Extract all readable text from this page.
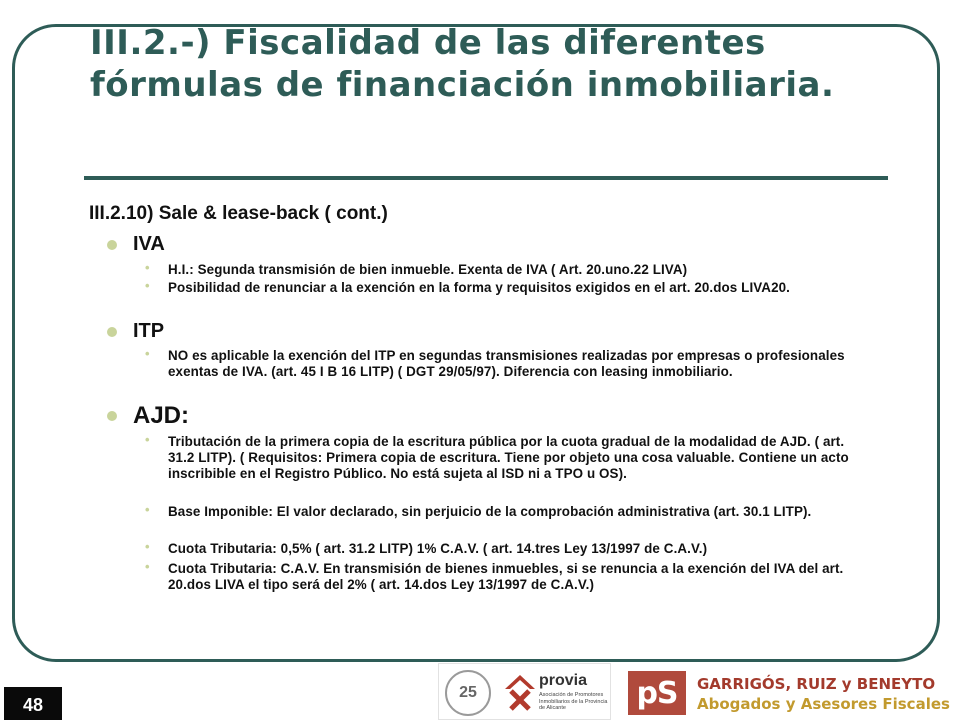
III.2.-) Fiscalidad de las diferentes
fórmulas de financiación inmobiliaria.
III.2.10) Sale & lease-back ( cont.)
IVA
•	H.I.: Segunda transmisión de bien inmueble. Exenta de IVA ( Art. 20.uno.22 LIVA)
•	Posibilidad de renunciar a la exención en la forma y requisitos exigidos en el art. 20.dos LIVA20.
ITP
•	NO es aplicable la exención del ITP en segundas transmisiones realizadas por empresas o profesionales exentas de IVA. (art. 45 I B 16 LITP) ( DGT 29/05/97). Diferencia con leasing inmobiliario.
AJD:
•	Tributación de la primera copia de la escritura pública por la cuota gradual de la modalidad de AJD. ( art. 31.2 LITP). ( Requisitos: Primera copia de escritura. Tiene por objeto una cosa valuable. Contiene un acto inscribible en el Registro Público. No está sujeta al ISD ni a TPO u OS).
•	Base Imponible: El valor declarado, sin perjuicio de la comprobación administrativa (art. 30.1 LITP).
•	Cuota Tributaria: 0,5% ( art. 31.2 LITP) 1% C.A.V. ( art. 14.tres Ley 13/1997 de C.A.V.)
•	Cuota Tributaria: C.A.V. En transmisión de bienes inmuebles, si se renuncia a la exención del IVA del art. 20.dos LIVA el tipo será del 2% ( art. 14.dos Ley 13/1997 de C.A.V.)
48
25
provia
Asociación de Promotores Inmobiliarios de la Provincia de Alicante	pS	GARRIGÓS, RUIZ y BENEYTO
Abogados y Asesores Fiscales
